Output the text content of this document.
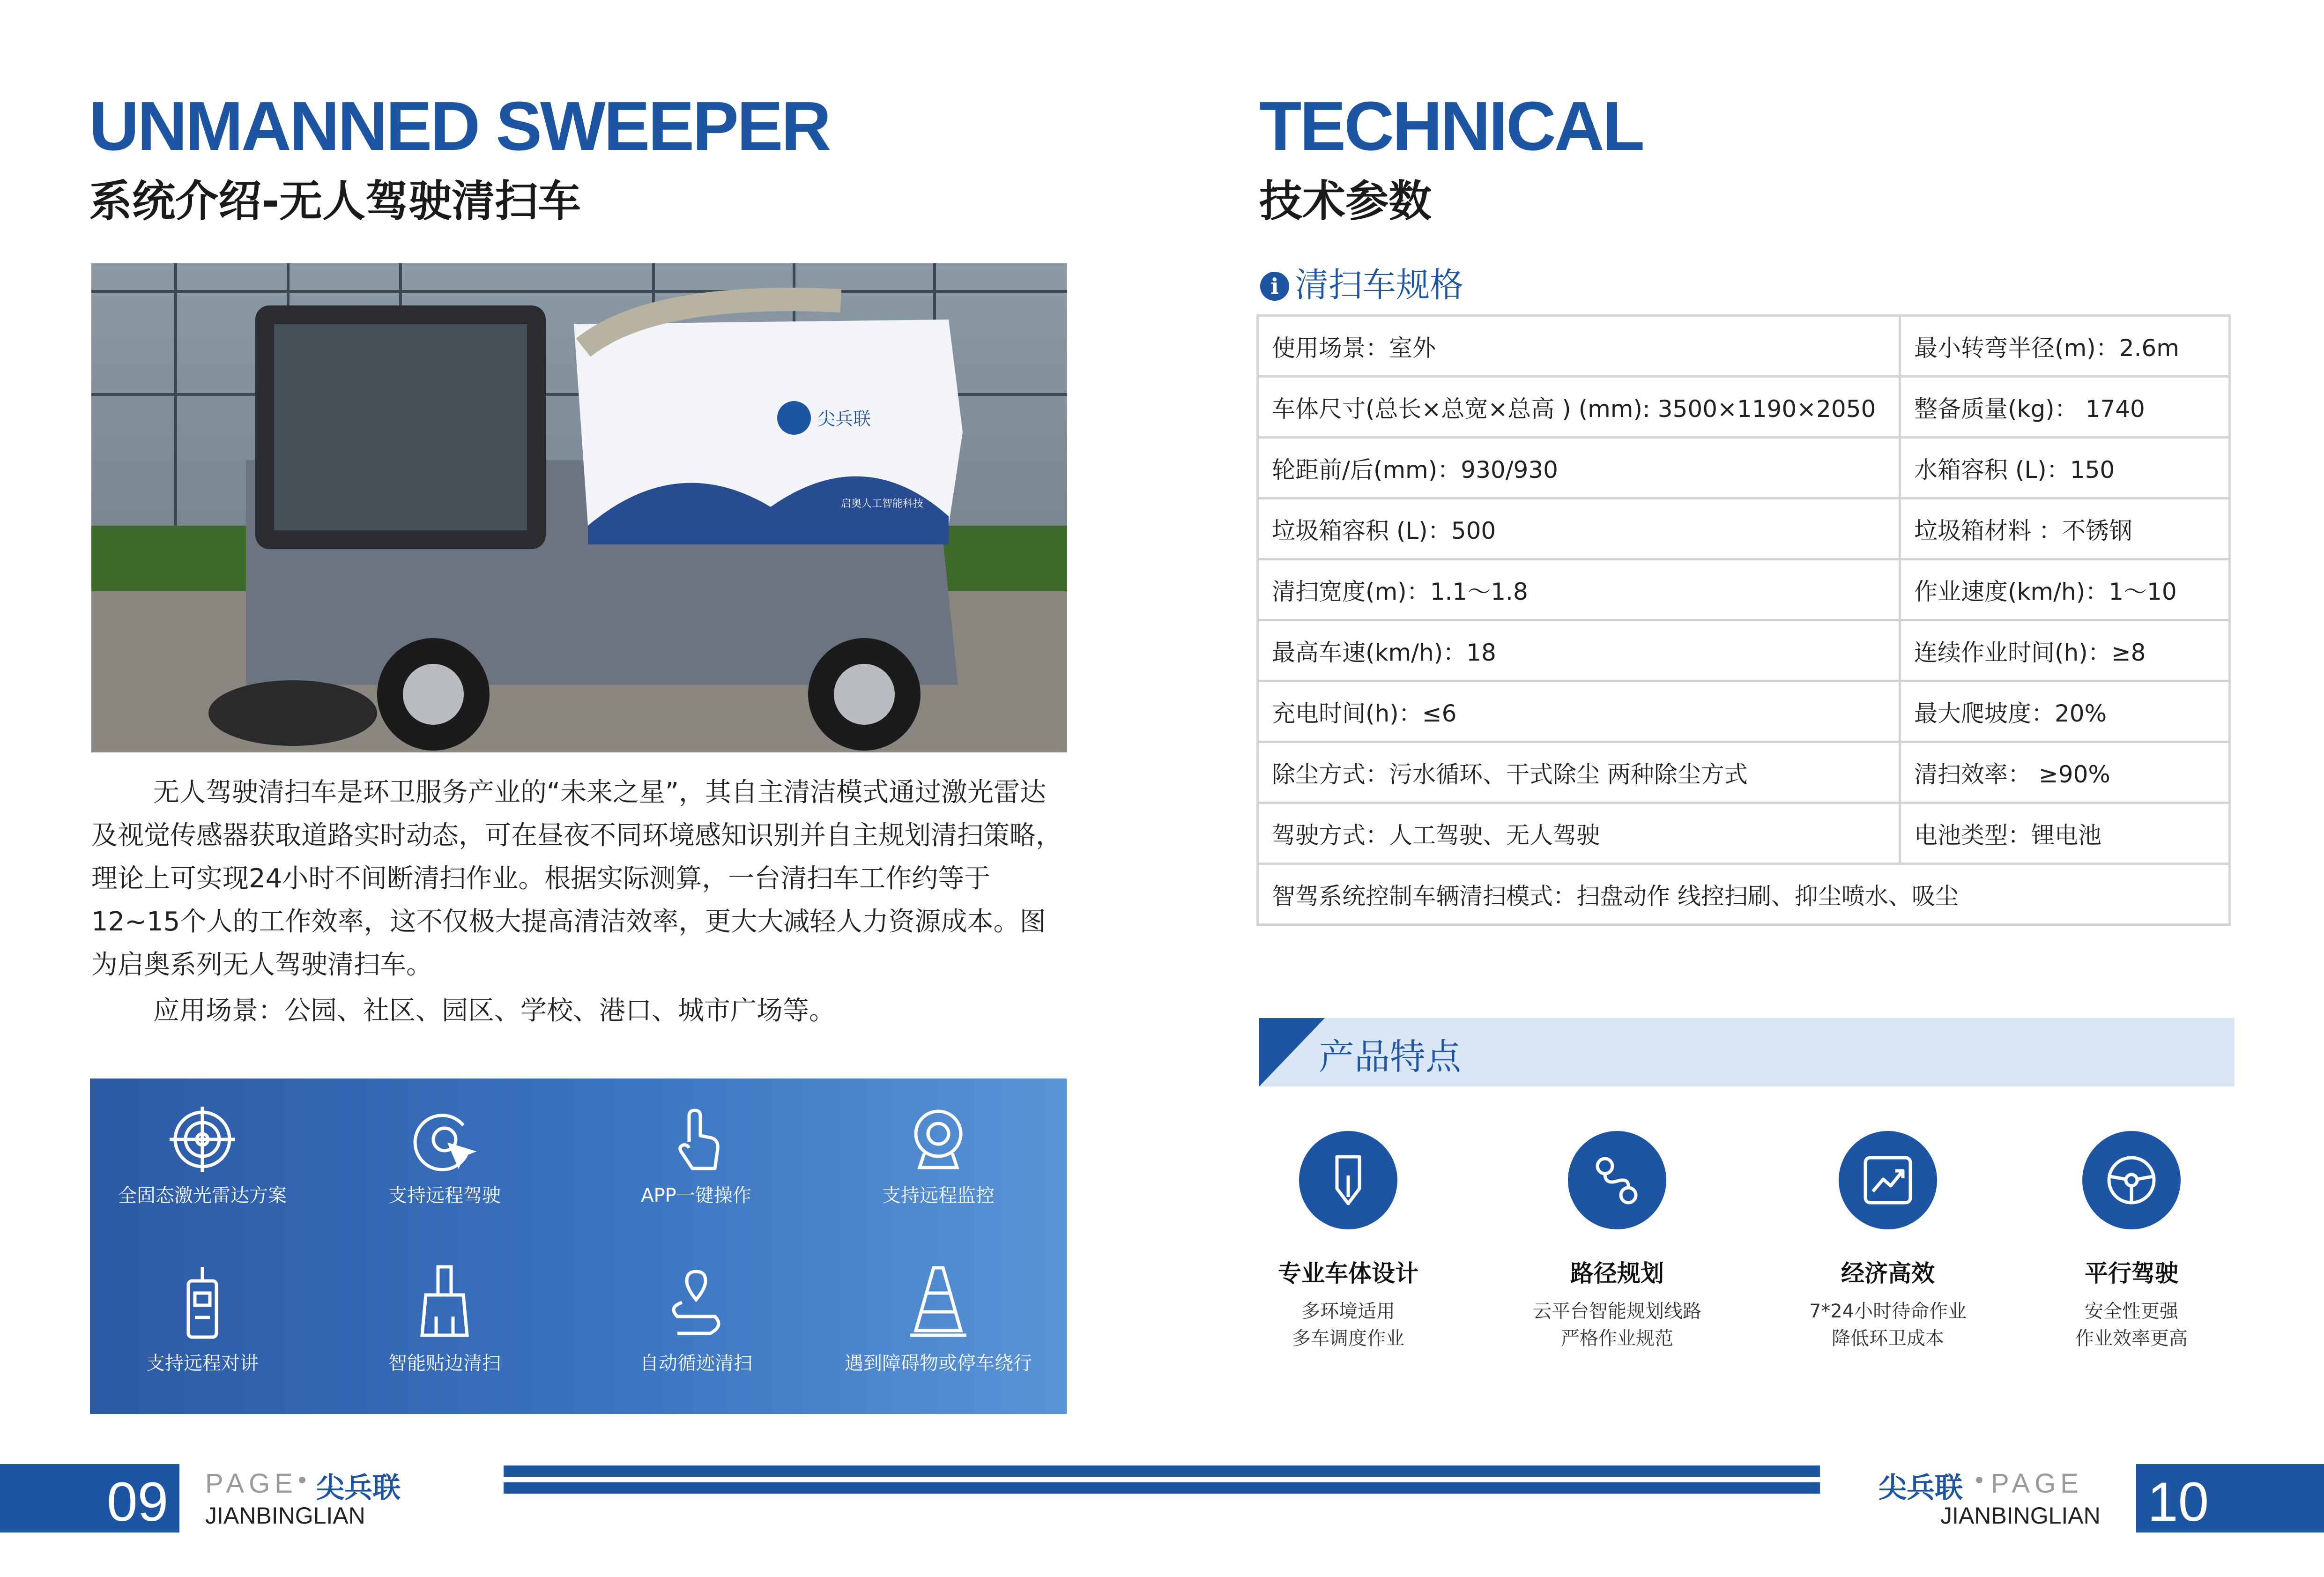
UNMANNED SWEEPER
系统介绍-无人驾驶清扫车
尖兵联
启奥人工智能科技
无人驾驶清扫车是环卫服务产业的“未来之星”，其自主清洁模式通过激光雷达及视觉传感器获取道路实时动态，可在昼夜不同环境感知识别并自主规划清扫策略，理论上可实现24小时不间断清扫作业。根据实际测算，一台清扫车工作约等于12~15个人的工作效率，这不仅极大提高清洁效率，更大大减轻人力资源成本。图为启奥系列无人驾驶清扫车。
应用场景：公园、社区、园区、学校、港口、城市广场等。
全固态激光雷达方案	支持远程驾驶	APP一键操作	支持远程监控
支持远程对讲	智能贴边清扫	自动循迹清扫	遇到障碍物或停车绕行
TECHNICAL
技术参数
i 清扫车规格
使用场景：室外	最小转弯半径(m)：2.6m
车体尺寸(总长×总宽×总高 ) (mm): 3500×1190×2050	整备质量(kg)： 1740
轮距前/后(mm)：930/930	水箱容积 (L)：150
垃圾箱容积 (L)：500	垃圾箱材料 ：不锈钢
清扫宽度(m)：1.1～1.8	作业速度(km/h)：1～10
最高车速(km/h)：18	连续作业时间(h)：≥8
充电时间(h)：≤6	最大爬坡度：20%
除尘方式：污水循环、干式除尘 两种除尘方式	清扫效率： ≥90%
驾驶方式：人工驾驶、无人驾驶	电池类型：锂电池
智驾系统控制车辆清扫模式：扫盘动作 线控扫刷、抑尘喷水、吸尘	
产品特点
专业车体设计
多环境适用
多车调度作业
路径规划
云平台智能规划线路
严格作业规范
经济高效
7*24小时待命作业
降低环卫成本
平行驾驶
安全性更强
作业效率更高
09 PAGE 尖兵联
JIANBINGLIAN
尖兵联 PAGE
JIANBINGLIAN 10
